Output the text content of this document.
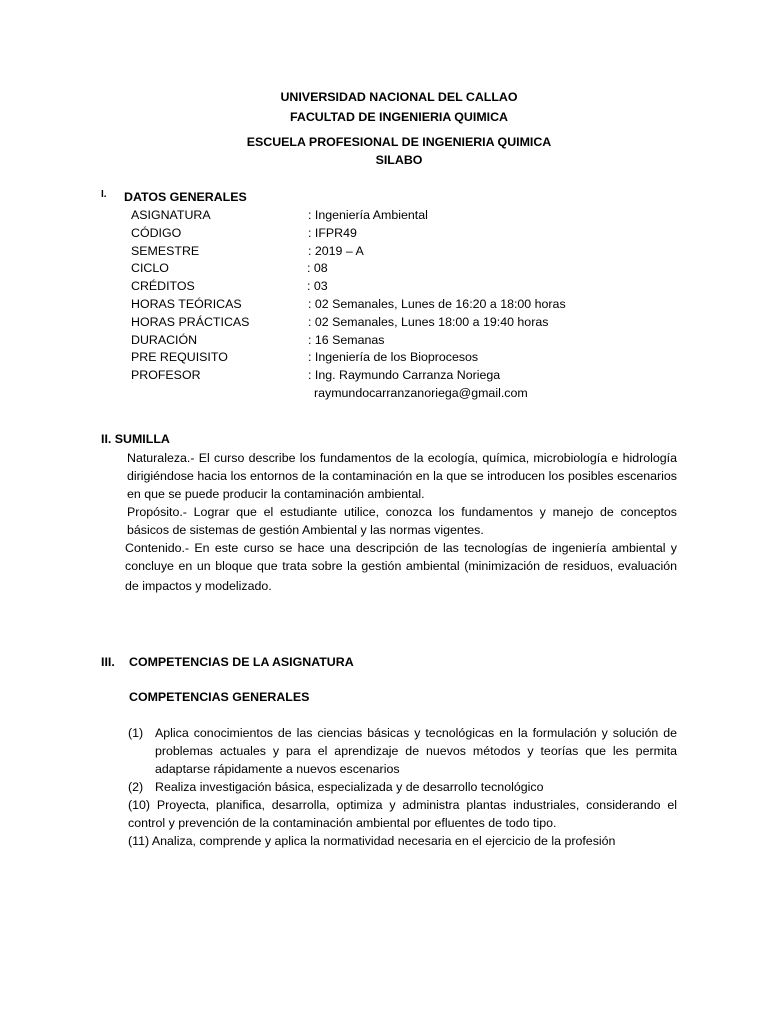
UNIVERSIDAD NACIONAL DEL CALLAO
FACULTAD DE INGENIERIA QUIMICA
ESCUELA PROFESIONAL DE INGENIERIA QUIMICA
SILABO
I. DATOS GENERALES
ASIGNATURA	: Ingeniería Ambiental
CÓDIGO	: IFPR49
SEMESTRE	: 2019 – A
CICLO	: 08
CRÉDITOS	: 03
HORAS TEÓRICAS	: 02 Semanales, Lunes de 16:20 a 18:00 horas
HORAS PRÁCTICAS	: 02 Semanales, Lunes 18:00 a 19:40 horas
DURACIÓN	: 16 Semanas
PRE REQUISITO	: Ingeniería de los Bioprocesos
PROFESOR	: Ing. Raymundo Carranza Noriega
raymundocarranzanoriega@gmail.com
II. SUMILLA
Naturaleza.- El curso describe los fundamentos de la ecología, química, microbiología e hidrología dirigiéndose hacia los entornos de la contaminación en la que se introducen los posibles escenarios en que se puede producir la contaminación ambiental.
Propósito.- Lograr que el estudiante utilice, conozca los fundamentos y manejo de conceptos básicos de sistemas de gestión Ambiental y las normas vigentes.
Contenido.- En este curso se hace una descripción de las tecnologías de ingeniería ambiental y
concluye en un bloque que trata sobre la gestión ambiental (minimización de residuos, evaluación
de impactos y modelizado.
III. COMPETENCIAS DE LA ASIGNATURA
COMPETENCIAS GENERALES
(1) Aplica conocimientos de las ciencias básicas y tecnológicas en la formulación y solución de problemas actuales y para el aprendizaje de nuevos métodos y teorías que les permita adaptarse rápidamente a nuevos escenarios
(2) Realiza investigación básica, especializada y de desarrollo tecnológico
(10) Proyecta, planifica, desarrolla, optimiza y administra plantas industriales, considerando el control y prevención de la contaminación ambiental por efluentes de todo tipo.
(11) Analiza, comprende y aplica la normatividad necesaria en el ejercicio de la profesión
